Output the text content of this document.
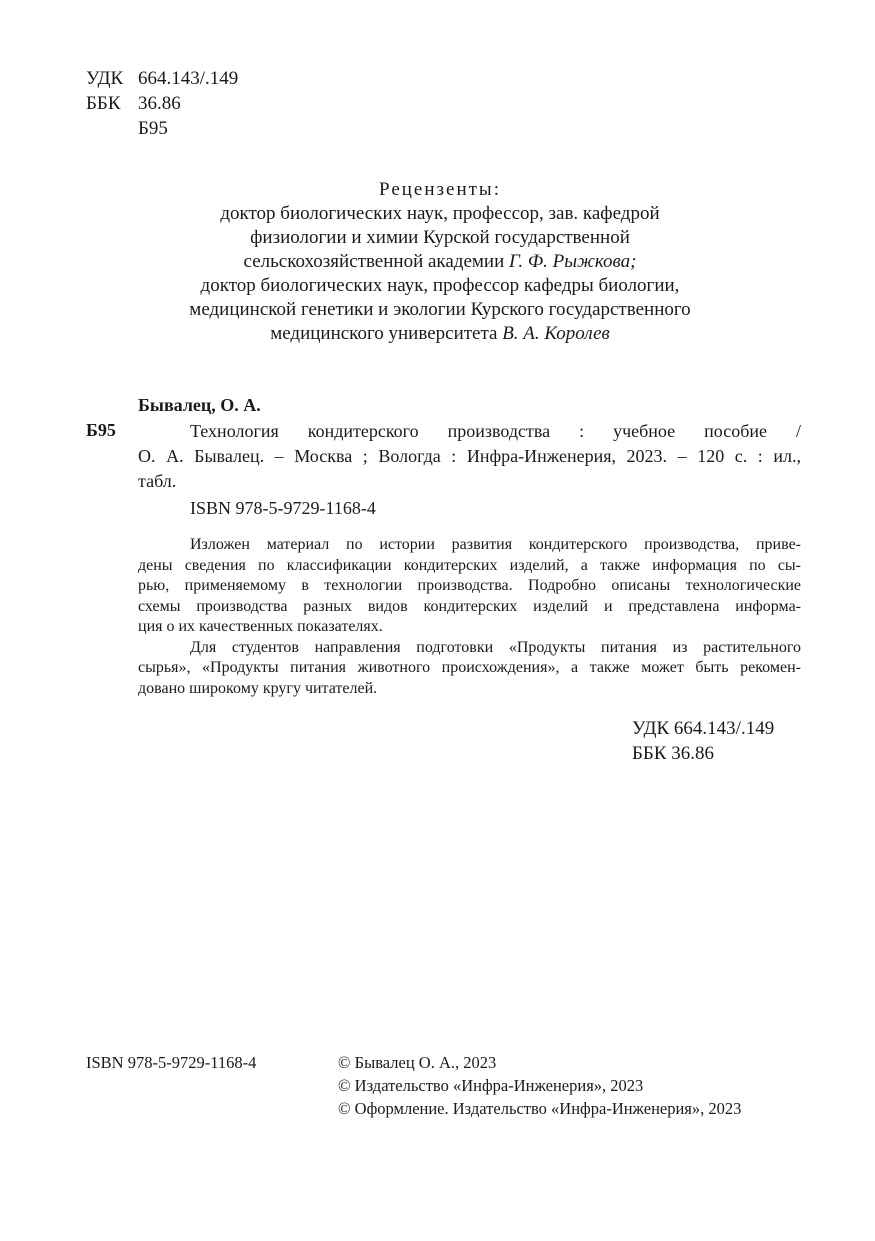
УДК 664.143/.149
ББК 36.86
Б95
Рецензенты:
доктор биологических наук, профессор, зав. кафедрой
физиологии и химии Курской государственной
сельскохозяйственной академии Г. Ф. Рыжкова;
доктор биологических наук, профессор кафедры биологии,
медицинской генетики и экологии Курского государственного
медицинского университета В. А. Королев
Бывалец, О. А.
Б95	Технология кондитерского производства : учебное пособие /
О. А. Бывалец. – Москва ; Вологда : Инфра-Инженерия, 2023. – 120 с. : ил.,
табл.
ISBN 978-5-9729-1168-4
Изложен материал по истории развития кондитерского производства, приве-
дены сведения по классификации кондитерских изделий, а также информация по сы-
рью, применяемому в технологии производства. Подробно описаны технологические
схемы производства разных видов кондитерских изделий и представлена информа-
ция о их качественных показателях.
Для студентов направления подготовки «Продукты питания из растительного
сырья», «Продукты питания животного происхождения», а также может быть рекомен-
довано широкому кругу читателей.
УДК 664.143/.149
ББК 36.86
ISBN 978-5-9729-1168-4	© Бывалец О. А., 2023
© Издательство «Инфра-Инженерия», 2023
© Оформление. Издательство «Инфра-Инженерия», 2023
